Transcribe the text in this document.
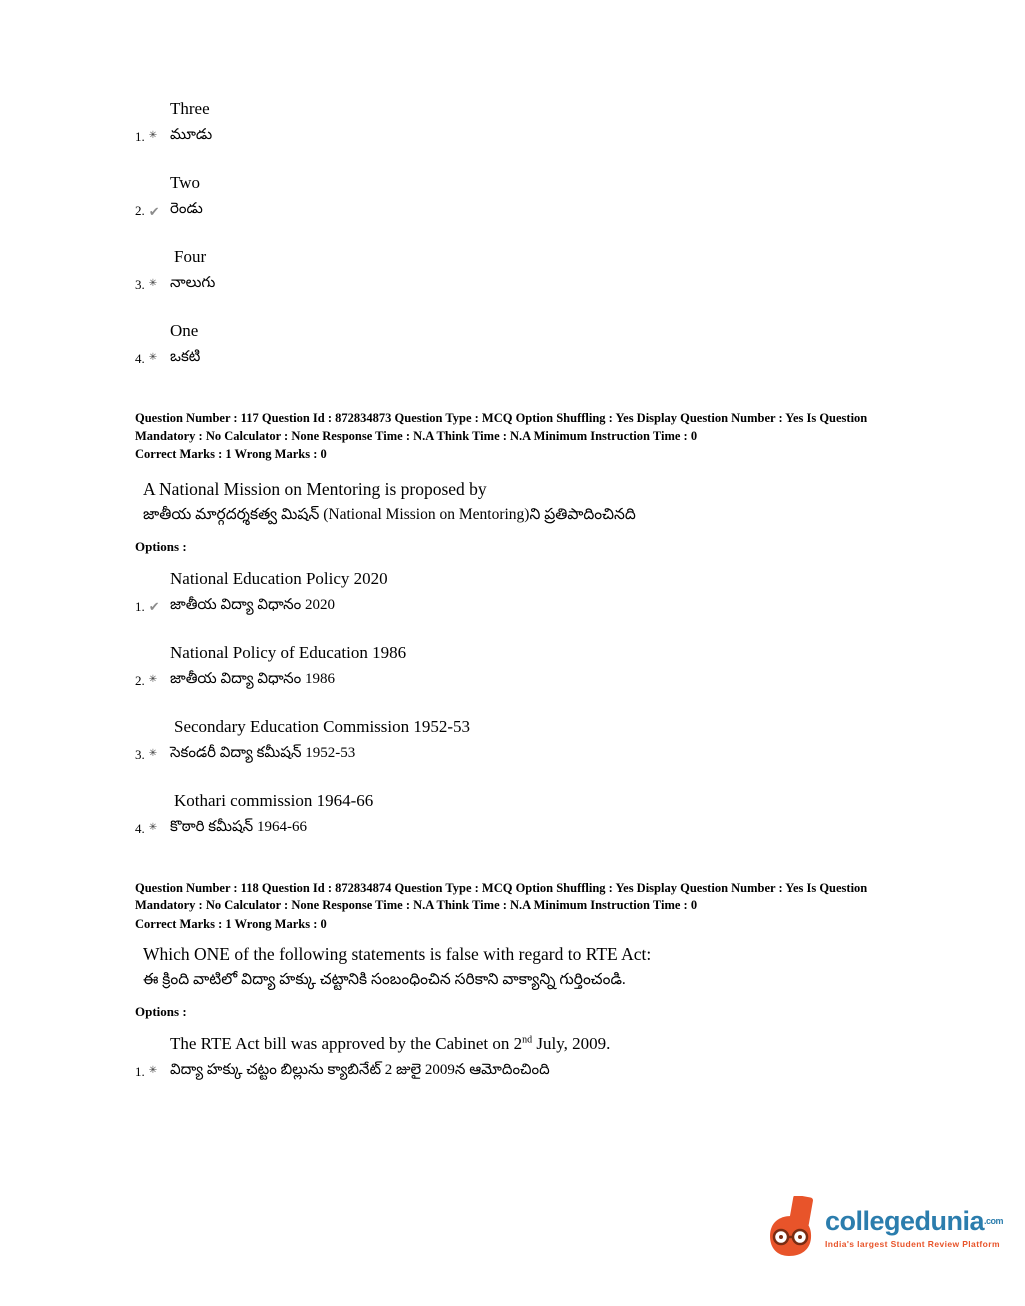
1. ✳
Three
మూడు
2. ✔
Two
రెండు
3. ✳
Four
నాలుగు
4. ✳
One
ఒకటి
Question Number : 117 Question Id : 872834873 Question Type : MCQ Option Shuffling : Yes Display Question Number : Yes Is Question Mandatory : No Calculator : None Response Time : N.A Think Time : N.A Minimum Instruction Time : 0
Correct Marks : 1 Wrong Marks : 0
A National Mission on Mentoring is proposed by
జాతీయ మార్గదర్శకత్వ మిషన్ (National Mission on Mentoring)ని ప్రతిపాదించినది
Options :
1. ✔
National Education Policy 2020
జాతీయ విద్యా విధానం 2020
2. ✳
National Policy of Education 1986
జాతీయ విద్యా విధానం 1986
3. ✳
Secondary Education Commission 1952-53
సెకండరీ విద్యా కమీషన్ 1952-53
4. ✳
Kothari commission 1964-66
కొఠారి కమీషన్ 1964-66
Question Number : 118 Question Id : 872834874 Question Type : MCQ Option Shuffling : Yes Display Question Number : Yes Is Question Mandatory : No Calculator : None Response Time : N.A Think Time : N.A Minimum Instruction Time : 0
Correct Marks : 1 Wrong Marks : 0
Which ONE of the following statements is false with regard to RTE Act:
ఈ క్రింది వాటిలో విద్యా హక్కు చట్టానికి సంబంధించిన సరికాని వాక్యాన్ని గుర్తించండి.
Options :
1. ✳
The RTE Act bill was approved by the Cabinet on 2nd July, 2009.
విద్యా హక్కు చట్టం బిల్లును క్యాబినేట్ 2 జులై 2009న ఆమోదించింది
collegedunia$^{.com}$
India's largest Student Review Platform
